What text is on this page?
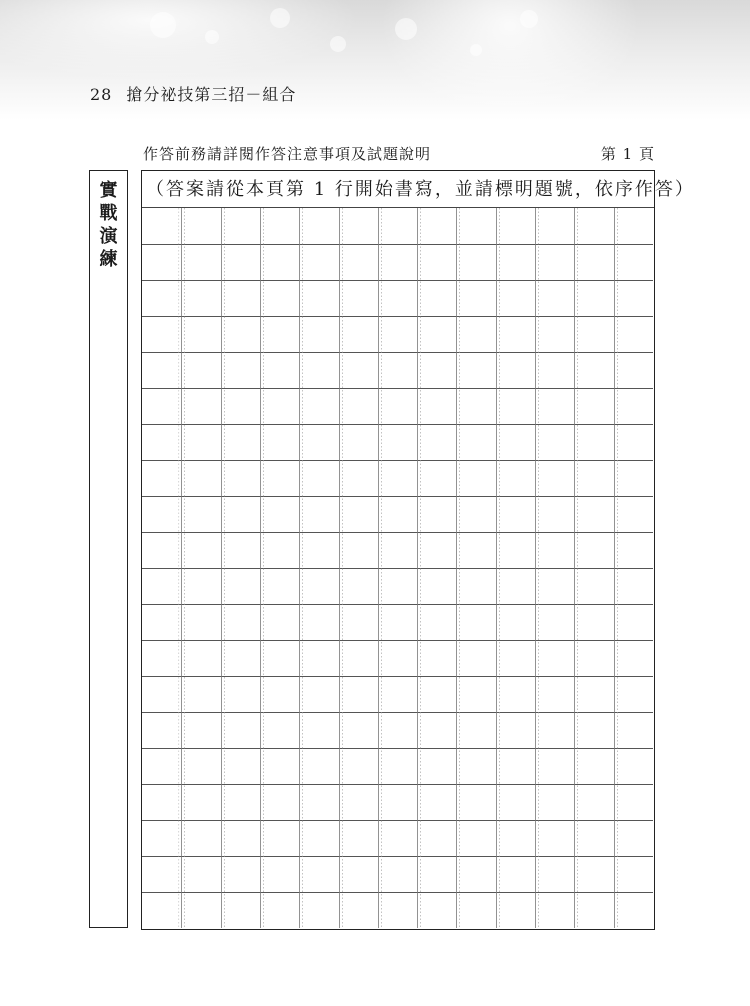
28 搶分祕技第三招－組合
作答前務請詳閱作答注意事項及試題說明	第 1 頁
實戰演練
（答案請從本頁第 1 行開始書寫，並請標明題號，依序作答）
